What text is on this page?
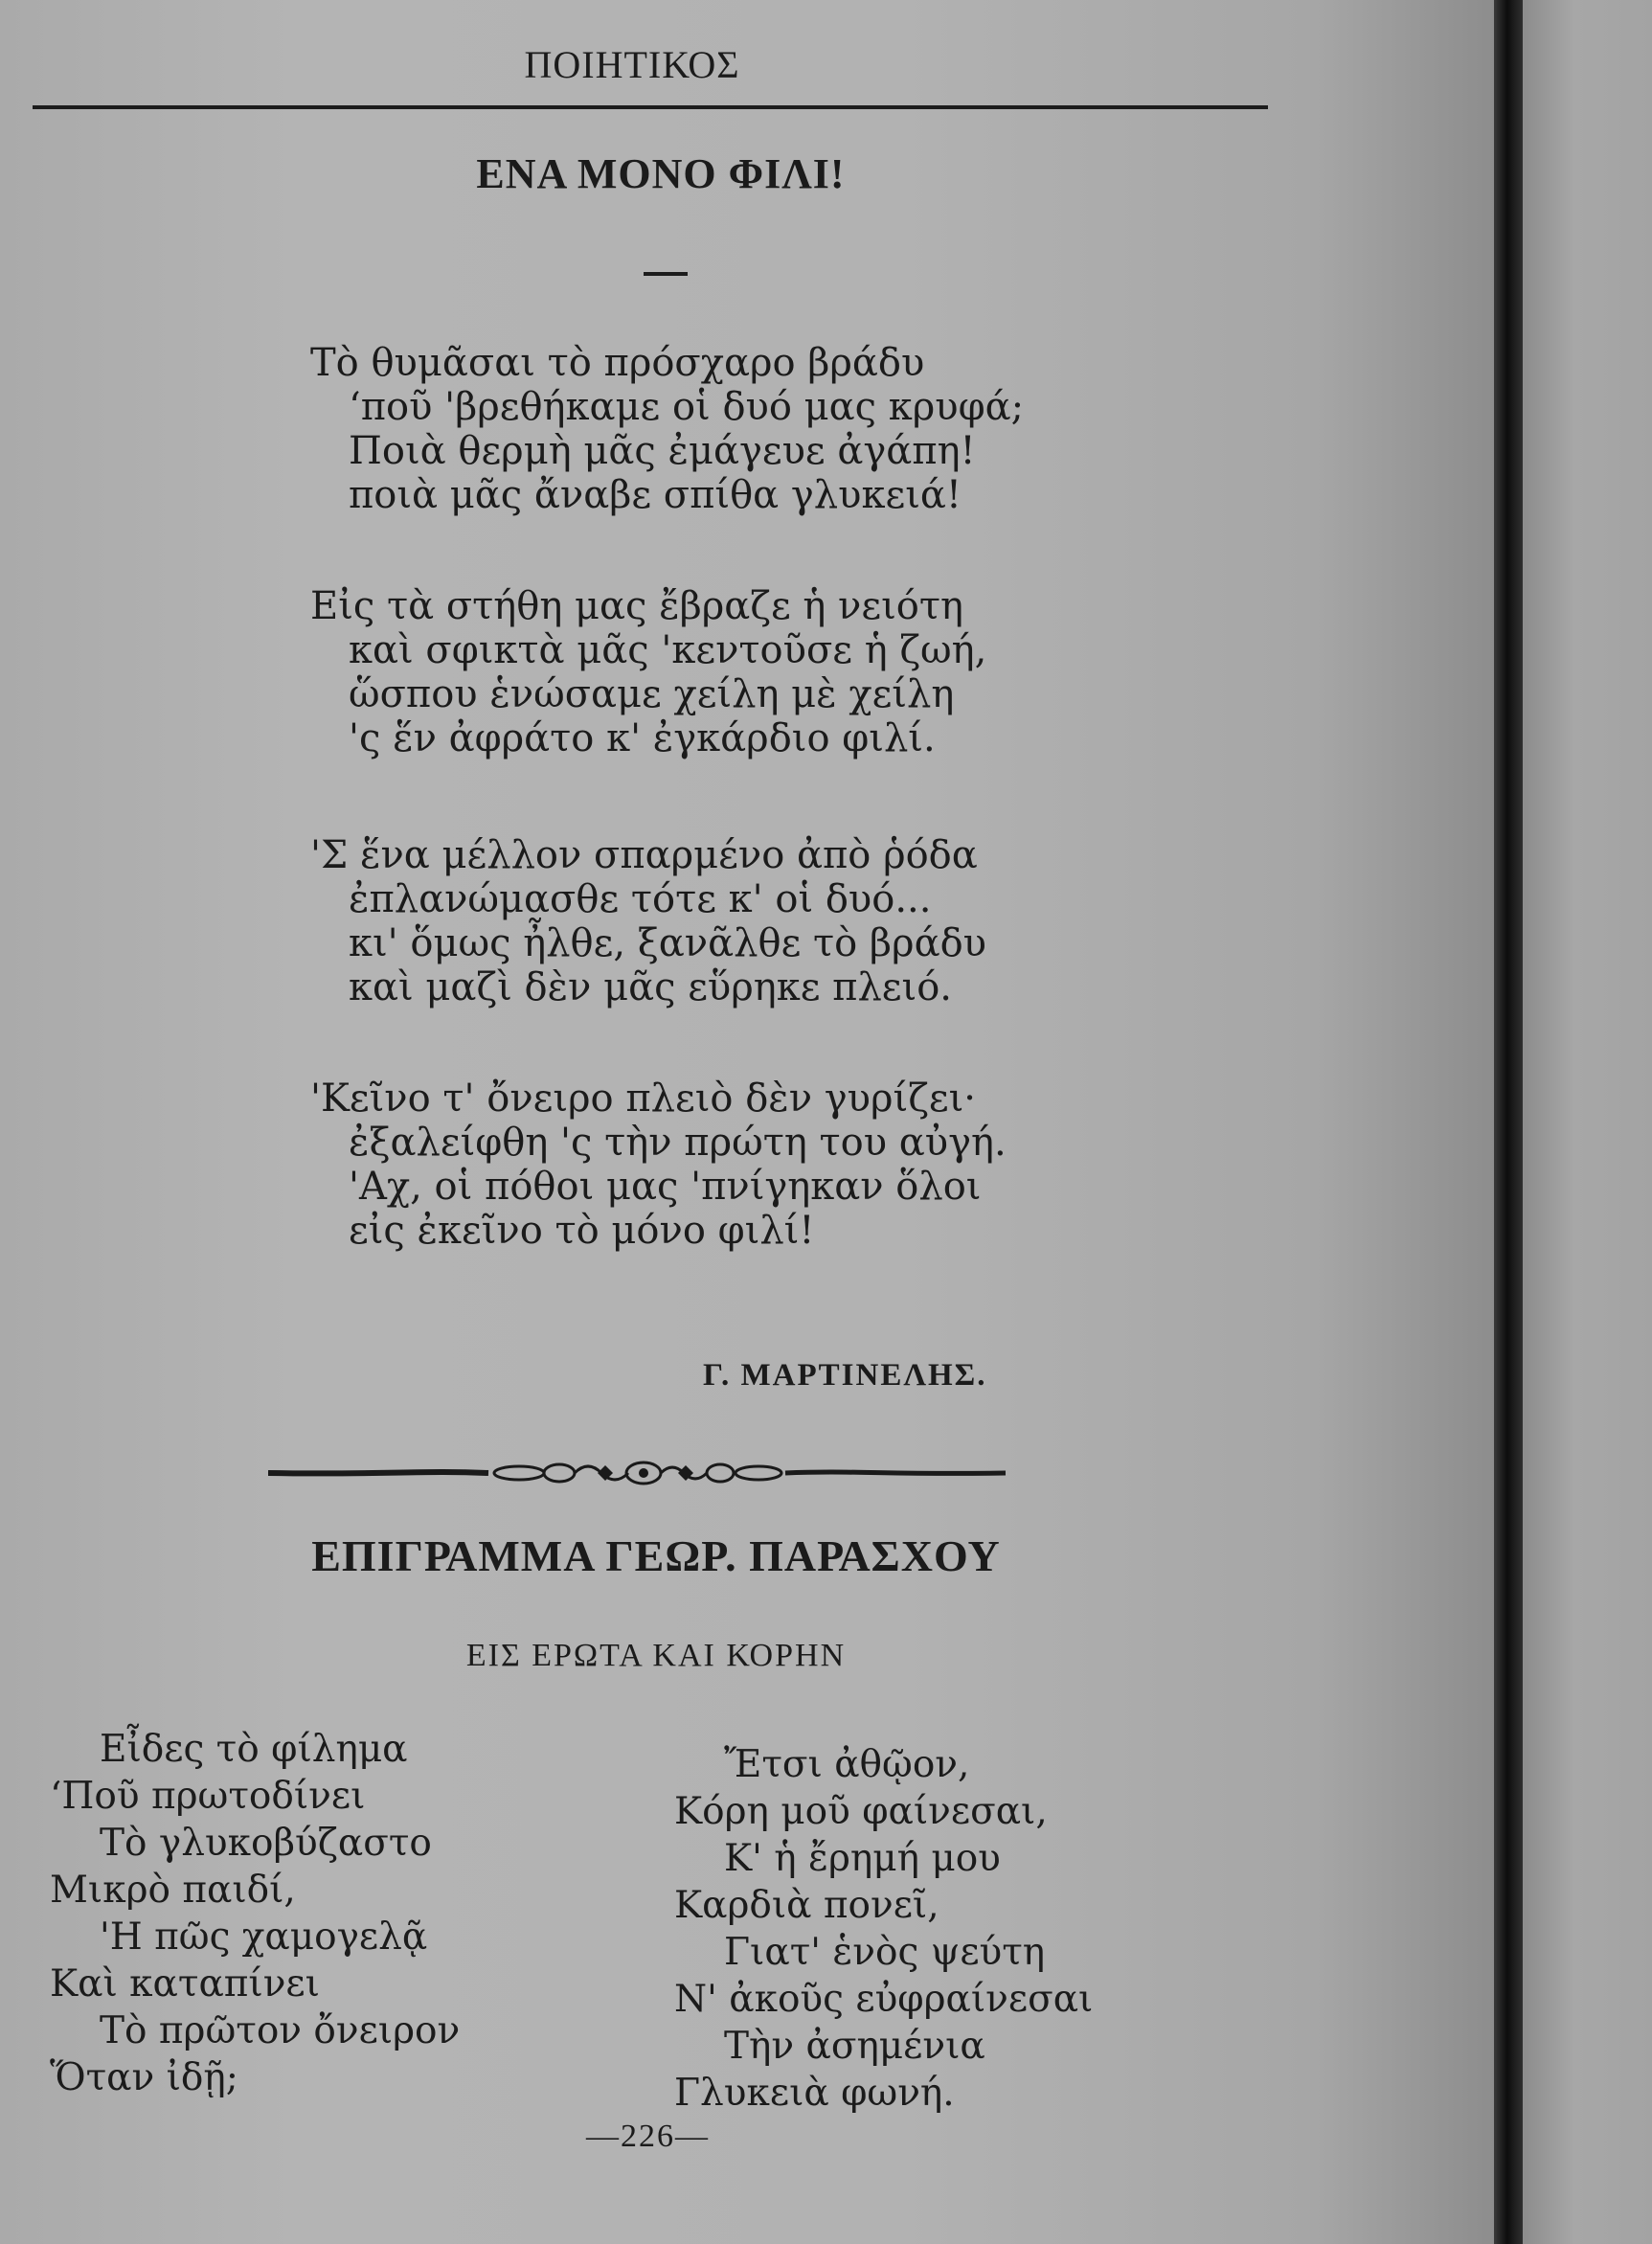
ΠΟΙΗΤΙΚΟΣ
ΕΝΑ ΜΟΝΟ ΦΙΛΙ!
Τὸ θυμᾶσαι τὸ πρόσχαρο βράδυ
‘ποῦ 'βρεθήκαμε οἱ δυό μας κρυφά;
Ποιὰ θερμὴ μᾶς ἐμάγευε ἀγάπη!
ποιὰ μᾶς ἄναβε σπίθα γλυκειά!
Εἰς τὰ στήθη μας ἔβραζε ἡ νειότη
καὶ σφικτὰ μᾶς 'κεντοῦσε ἡ ζωή,
ὥσπου ἑνώσαμε χείλη μὲ χείλη
'ς ἕν ἀφράτο κ' ἐγκάρδιο φιλί.
'Σ ἕνα μέλλον σπαρμένο ἀπὸ ῥόδα
ἐπλανώμασθε τότε κ' οἱ δυό...
κι' ὅμως ἦλθε, ξανᾶλθε τὸ βράδυ
καὶ μαζὶ δὲν μᾶς εὕρηκε πλειό.
'Κεῖνο τ' ὄνειρο πλειὸ δὲν γυρίζει·
ἐξαλείφθη 'ς τὴν πρώτη του αὐγή.
'Αχ, οἱ πόθοι μας 'πνίγηκαν ὅλοι
εἰς ἐκεῖνο τὸ μόνο φιλί!
Γ. ΜΑΡΤΙΝΕΛΗΣ.
ΕΠΙΓΡΑΜΜΑ ΓΕΩΡ. ΠΑΡΑΣΧΟΥ
ΕΙΣ ΕΡΩΤΑ ΚΑΙ ΚΟΡΗΝ
Εἶδες τὸ φίλημα
‘Ποῦ πρωτοδίνει
Τὸ γλυκοβύζαστο
Μικρὸ παιδί,
'Η πῶς χαμογελᾷ
Καὶ καταπίνει
Τὸ πρῶτον ὄνειρον
Ὅταν ἰδῇ;
Ἔτσι ἀθῷον,
Κόρη μοῦ φαίνεσαι,
Κ' ἡ ἔρημή μου
Καρδιὰ πονεῖ,
Γιατ' ἑνὸς ψεύτη
Ν' ἀκοῦς εὐφραίνεσαι
Τὴν ἀσημένια
Γλυκειὰ φωνή.
—226—
